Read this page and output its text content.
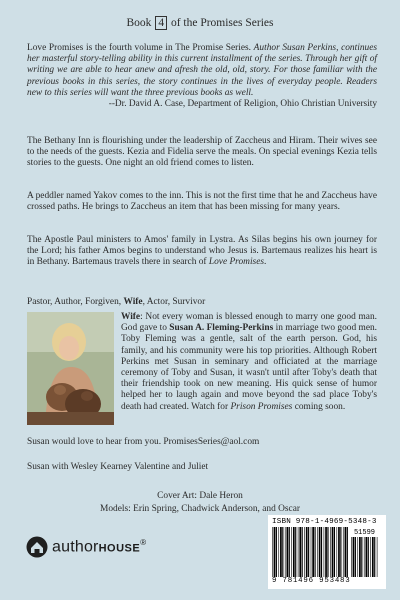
Book 4 of the Promises Series
Love Promises is the fourth volume in The Promise Series. Author Susan Perkins, continues her masterful story-telling ability in this current installment of the series. Through her gift of writing we are able to hear anew and afresh the old, old, story. For those familiar with the previous books in this series, the story continues in the lives of everyday people. Readers new to this series will want the three previous books as well.
--Dr. David A. Case, Department of Religion, Ohio Christian University
The Bethany Inn is flourishing under the leadership of Zaccheus and Hiram. Their wives see to the needs of the guests. Kezia and Fidelia serve the meals. On special evenings Kezia tells stories to the guests. One night an old friend comes to listen.
A peddler named Yakov comes to the inn. This is not the first time that he and Zaccheus have crossed paths. He brings to Zaccheus an item that has been missing for many years.
The Apostle Paul ministers to Amos' family in Lystra. As Silas begins his own journey for the Lord; his father Amos begins to understand who Jesus is. Bartemaus realizes his heart is in Bethany. Bartemaus travels there in search of Love Promises.
Pastor, Author, Forgiven, Wife, Actor, Survivor
Wife: Not every woman is blessed enough to marry one good man. God gave to Susan A. Fleming-Perkins in marriage two good men. Toby Fleming was a gentle, salt of the earth person. God, his family, and his community were his top priorities. Although Robert Perkins met Susan in seminary and officiated at the marriage ceremony of Toby and Susan, it wasn't until after Toby's death that their friendship took on new meaning. His quick sense of humor helped her to laugh again and move beyond the sad place Toby's death had created. Watch for Prison Promises coming soon.
Susan would love to hear from you. PromisesSeries@aol.com
Susan with Wesley Kearney Valentine and Juliet
Cover Art: Dale Heron
Models: Erin Spring, Chadwick Anderson, and Oscar
authorHOUSE®
ISBN 978-1-4969-5348-3
51599
9 781496 953483
